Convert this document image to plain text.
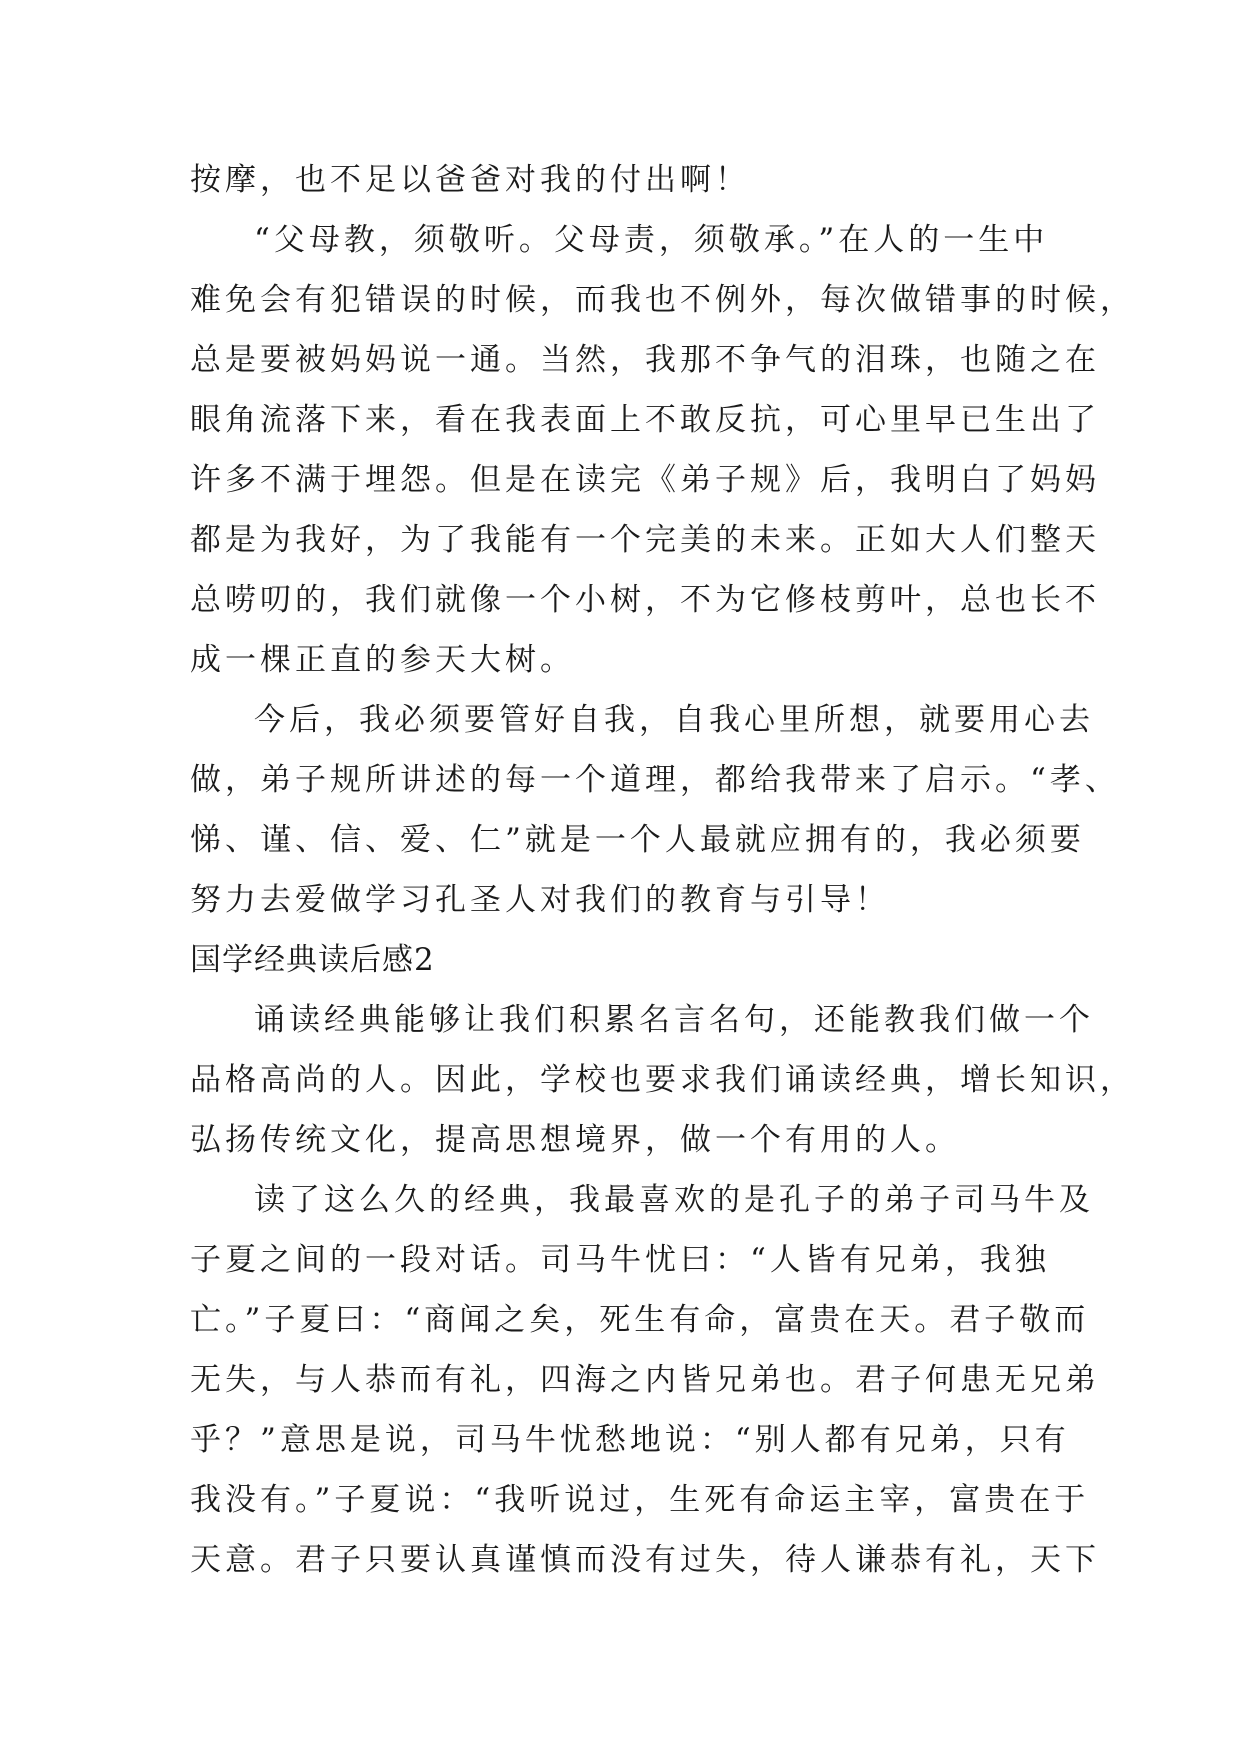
按摩，也不足以爸爸对我的付出啊！
“父母教，须敬听。父母责，须敬承。”在人的一生中
难免会有犯错误的时候，而我也不例外，每次做错事的时候，
总是要被妈妈说一通。当然，我那不争气的泪珠，也随之在
眼角流落下来，看在我表面上不敢反抗，可心里早已生出了
许多不满于埋怨。但是在读完《弟子规》后，我明白了妈妈
都是为我好，为了我能有一个完美的未来。正如大人们整天
总唠叨的，我们就像一个小树，不为它修枝剪叶，总也长不
成一棵正直的参天大树。
今后，我必须要管好自我，自我心里所想，就要用心去
做，弟子规所讲述的每一个道理，都给我带来了启示。“孝、
悌、谨、信、爱、仁”就是一个人最就应拥有的，我必须要
努力去爱做学习孔圣人对我们的教育与引导！
国学经典读后感2
诵读经典能够让我们积累名言名句，还能教我们做一个
品格高尚的人。因此，学校也要求我们诵读经典，增长知识，
弘扬传统文化，提高思想境界，做一个有用的人。
读了这么久的经典，我最喜欢的是孔子的弟子司马牛及
子夏之间的一段对话。司马牛忧曰：“人皆有兄弟，我独
亡。”子夏曰：“商闻之矣，死生有命，富贵在天。君子敬而
无失，与人恭而有礼，四海之内皆兄弟也。君子何患无兄弟
乎？”意思是说，司马牛忧愁地说：“别人都有兄弟，只有
我没有。”子夏说：“我听说过，生死有命运主宰，富贵在于
天意。君子只要认真谨慎而没有过失，待人谦恭有礼，天下
